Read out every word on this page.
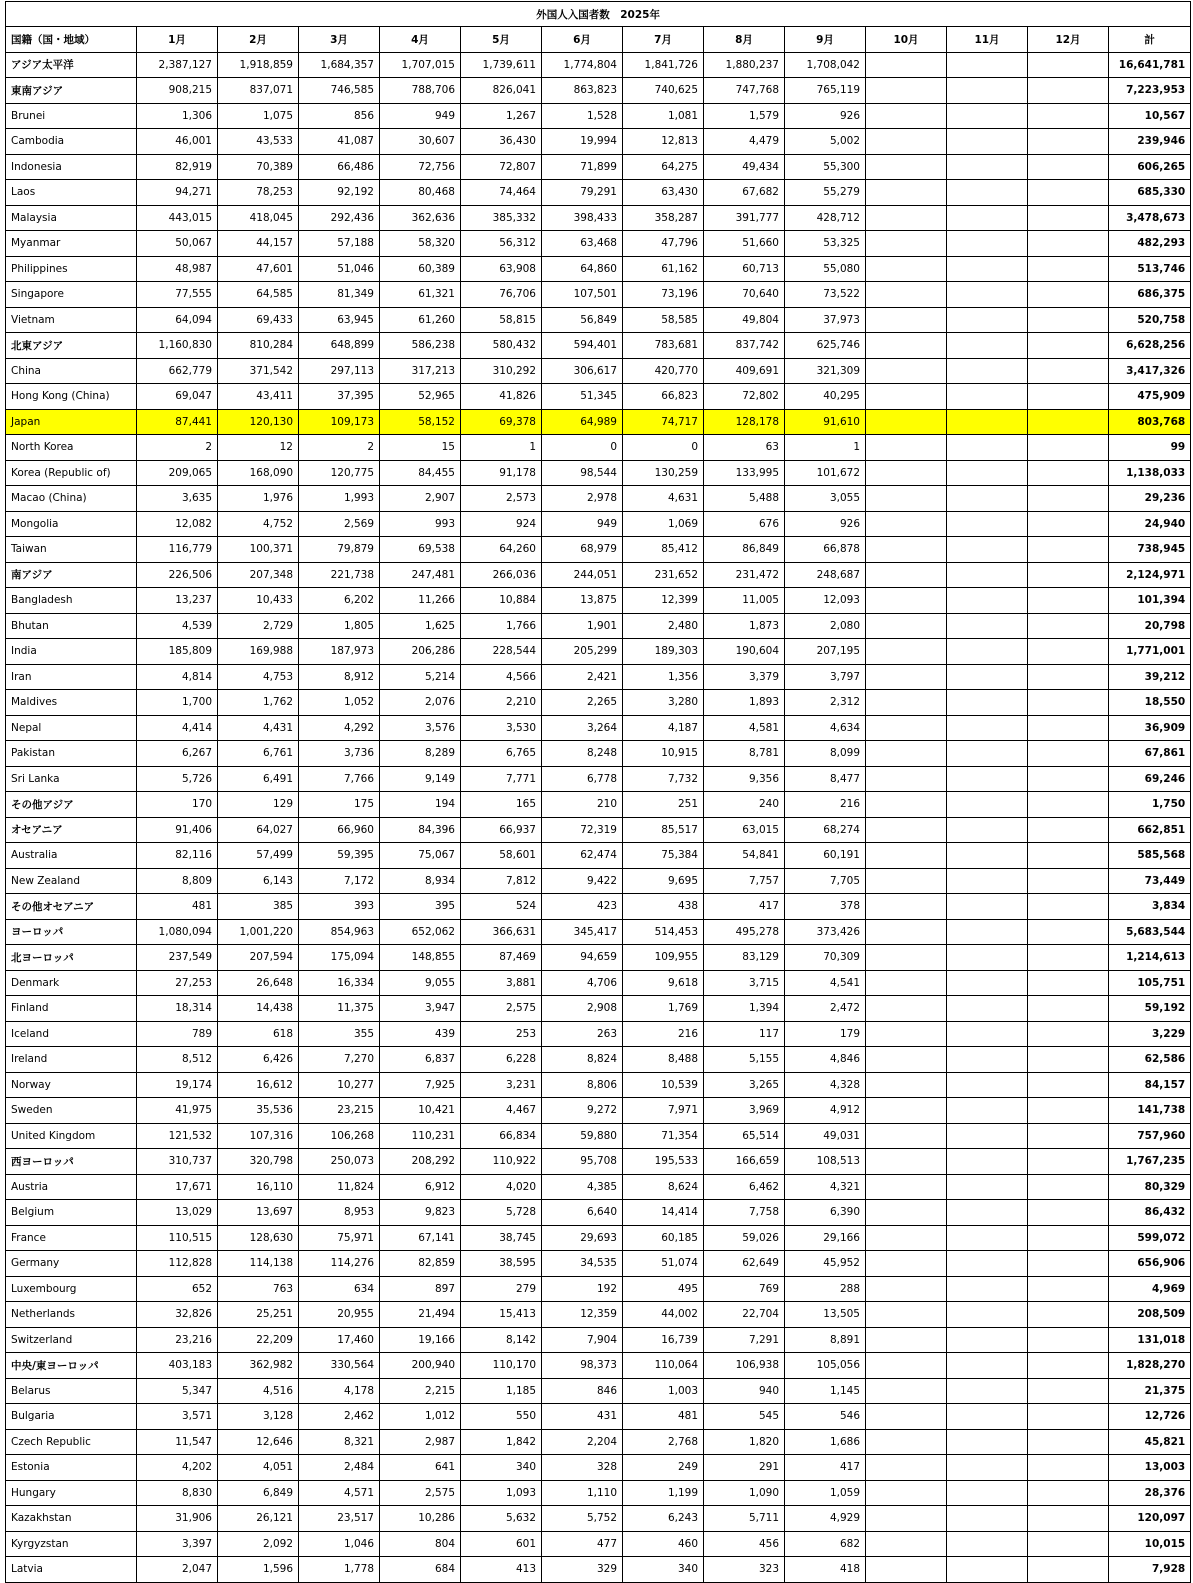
外国人入国者数　2025年													
国籍（国・地域）	1月	2月	3月	4月	5月	6月	7月	8月	9月	10月	11月	12月	計
アジア太平洋	2,387,127	1,918,859	1,684,357	1,707,015	1,739,611	1,774,804	1,841,726	1,880,237	1,708,042				16,641,781
東南アジア	908,215	837,071	746,585	788,706	826,041	863,823	740,625	747,768	765,119				7,223,953
Brunei	1,306	1,075	856	949	1,267	1,528	1,081	1,579	926				10,567
Cambodia	46,001	43,533	41,087	30,607	36,430	19,994	12,813	4,479	5,002				239,946
Indonesia	82,919	70,389	66,486	72,756	72,807	71,899	64,275	49,434	55,300				606,265
Laos	94,271	78,253	92,192	80,468	74,464	79,291	63,430	67,682	55,279				685,330
Malaysia	443,015	418,045	292,436	362,636	385,332	398,433	358,287	391,777	428,712				3,478,673
Myanmar	50,067	44,157	57,188	58,320	56,312	63,468	47,796	51,660	53,325				482,293
Philippines	48,987	47,601	51,046	60,389	63,908	64,860	61,162	60,713	55,080				513,746
Singapore	77,555	64,585	81,349	61,321	76,706	107,501	73,196	70,640	73,522				686,375
Vietnam	64,094	69,433	63,945	61,260	58,815	56,849	58,585	49,804	37,973				520,758
北東アジア	1,160,830	810,284	648,899	586,238	580,432	594,401	783,681	837,742	625,746				6,628,256
China	662,779	371,542	297,113	317,213	310,292	306,617	420,770	409,691	321,309				3,417,326
Hong Kong (China)	69,047	43,411	37,395	52,965	41,826	51,345	66,823	72,802	40,295				475,909
Japan	87,441	120,130	109,173	58,152	69,378	64,989	74,717	128,178	91,610				803,768
North Korea	2	12	2	15	1	0	0	63	1				99
Korea (Republic of)	209,065	168,090	120,775	84,455	91,178	98,544	130,259	133,995	101,672				1,138,033
Macao (China)	3,635	1,976	1,993	2,907	2,573	2,978	4,631	5,488	3,055				29,236
Mongolia	12,082	4,752	2,569	993	924	949	1,069	676	926				24,940
Taiwan	116,779	100,371	79,879	69,538	64,260	68,979	85,412	86,849	66,878				738,945
南アジア	226,506	207,348	221,738	247,481	266,036	244,051	231,652	231,472	248,687				2,124,971
Bangladesh	13,237	10,433	6,202	11,266	10,884	13,875	12,399	11,005	12,093				101,394
Bhutan	4,539	2,729	1,805	1,625	1,766	1,901	2,480	1,873	2,080				20,798
India	185,809	169,988	187,973	206,286	228,544	205,299	189,303	190,604	207,195				1,771,001
Iran	4,814	4,753	8,912	5,214	4,566	2,421	1,356	3,379	3,797				39,212
Maldives	1,700	1,762	1,052	2,076	2,210	2,265	3,280	1,893	2,312				18,550
Nepal	4,414	4,431	4,292	3,576	3,530	3,264	4,187	4,581	4,634				36,909
Pakistan	6,267	6,761	3,736	8,289	6,765	8,248	10,915	8,781	8,099				67,861
Sri Lanka	5,726	6,491	7,766	9,149	7,771	6,778	7,732	9,356	8,477				69,246
その他アジア	170	129	175	194	165	210	251	240	216				1,750
オセアニア	91,406	64,027	66,960	84,396	66,937	72,319	85,517	63,015	68,274				662,851
Australia	82,116	57,499	59,395	75,067	58,601	62,474	75,384	54,841	60,191				585,568
New Zealand	8,809	6,143	7,172	8,934	7,812	9,422	9,695	7,757	7,705				73,449
その他オセアニア	481	385	393	395	524	423	438	417	378				3,834
ヨーロッパ	1,080,094	1,001,220	854,963	652,062	366,631	345,417	514,453	495,278	373,426				5,683,544
北ヨーロッパ	237,549	207,594	175,094	148,855	87,469	94,659	109,955	83,129	70,309				1,214,613
Denmark	27,253	26,648	16,334	9,055	3,881	4,706	9,618	3,715	4,541				105,751
Finland	18,314	14,438	11,375	3,947	2,575	2,908	1,769	1,394	2,472				59,192
Iceland	789	618	355	439	253	263	216	117	179				3,229
Ireland	8,512	6,426	7,270	6,837	6,228	8,824	8,488	5,155	4,846				62,586
Norway	19,174	16,612	10,277	7,925	3,231	8,806	10,539	3,265	4,328				84,157
Sweden	41,975	35,536	23,215	10,421	4,467	9,272	7,971	3,969	4,912				141,738
United Kingdom	121,532	107,316	106,268	110,231	66,834	59,880	71,354	65,514	49,031				757,960
西ヨーロッパ	310,737	320,798	250,073	208,292	110,922	95,708	195,533	166,659	108,513				1,767,235
Austria	17,671	16,110	11,824	6,912	4,020	4,385	8,624	6,462	4,321				80,329
Belgium	13,029	13,697	8,953	9,823	5,728	6,640	14,414	7,758	6,390				86,432
France	110,515	128,630	75,971	67,141	38,745	29,693	60,185	59,026	29,166				599,072
Germany	112,828	114,138	114,276	82,859	38,595	34,535	51,074	62,649	45,952				656,906
Luxembourg	652	763	634	897	279	192	495	769	288				4,969
Netherlands	32,826	25,251	20,955	21,494	15,413	12,359	44,002	22,704	13,505				208,509
Switzerland	23,216	22,209	17,460	19,166	8,142	7,904	16,739	7,291	8,891				131,018
中央/東ヨーロッパ	403,183	362,982	330,564	200,940	110,170	98,373	110,064	106,938	105,056				1,828,270
Belarus	5,347	4,516	4,178	2,215	1,185	846	1,003	940	1,145				21,375
Bulgaria	3,571	3,128	2,462	1,012	550	431	481	545	546				12,726
Czech Republic	11,547	12,646	8,321	2,987	1,842	2,204	2,768	1,820	1,686				45,821
Estonia	4,202	4,051	2,484	641	340	328	249	291	417				13,003
Hungary	8,830	6,849	4,571	2,575	1,093	1,110	1,199	1,090	1,059				28,376
Kazakhstan	31,906	26,121	23,517	10,286	5,632	5,752	6,243	5,711	4,929				120,097
Kyrgyzstan	3,397	2,092	1,046	804	601	477	460	456	682				10,015
Latvia	2,047	1,596	1,778	684	413	329	340	323	418				7,928
